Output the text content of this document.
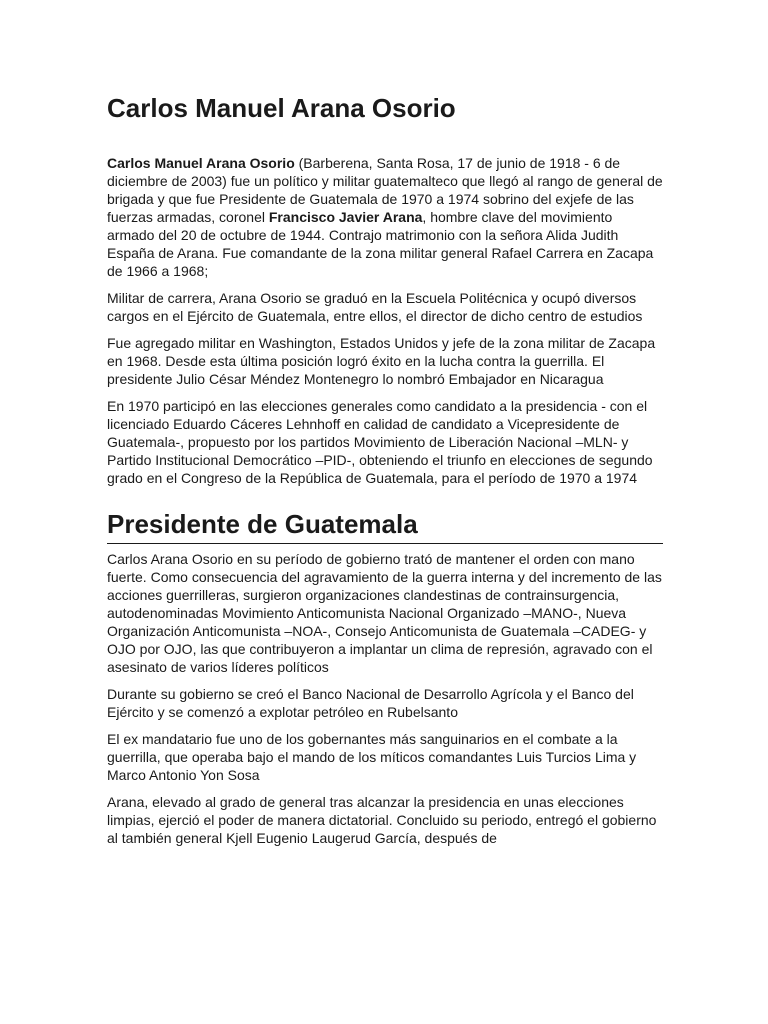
Carlos Manuel Arana Osorio

Carlos Manuel Arana Osorio (Barberena, Santa Rosa, 17 de junio de 1918 - 6 de diciembre de 2003) fue un político y militar guatemalteco que llegó al rango de general de brigada y que fue Presidente de Guatemala de 1970 a 1974 sobrino del exjefe de las fuerzas armadas, coronel Francisco Javier Arana, hombre clave del movimiento armado del 20 de octubre de 1944. Contrajo matrimonio con la señora Alida Judith España de Arana. Fue comandante de la zona militar general Rafael Carrera en Zacapa de 1966 a 1968;

Militar de carrera, Arana Osorio se graduó en la Escuela Politécnica y ocupó diversos cargos en el Ejército de Guatemala, entre ellos, el director de dicho centro de estudios

Fue agregado militar en Washington, Estados Unidos y jefe de la zona militar de Zacapa en 1968. Desde esta última posición logró éxito en la lucha contra la guerrilla. El presidente Julio César Méndez Montenegro lo nombró Embajador en Nicaragua

En 1970 participó en las elecciones generales como candidato a la presidencia - con el licenciado Eduardo Cáceres Lehnhoff en calidad de candidato a Vicepresidente de Guatemala-, propuesto por los partidos Movimiento de Liberación Nacional –MLN- y Partido Institucional Democrático –PID-, obteniendo el triunfo en elecciones de segundo grado en el Congreso de la República de Guatemala, para el período de 1970 a 1974

Presidente de Guatemala

Carlos Arana Osorio en su período de gobierno trató de mantener el orden con mano fuerte. Como consecuencia del agravamiento de la guerra interna y del incremento de las acciones guerrilleras, surgieron organizaciones clandestinas de contrainsurgencia, autodenominadas Movimiento Anticomunista Nacional Organizado –MANO-, Nueva Organización Anticomunista –NOA-, Consejo Anticomunista de Guatemala –CADEG- y OJO por OJO, las que contribuyeron a implantar un clima de represión, agravado con el asesinato de varios líderes políticos

Durante su gobierno se creó el Banco Nacional de Desarrollo Agrícola y el Banco del Ejército y se comenzó a explotar petróleo en Rubelsanto

El ex mandatario fue uno de los gobernantes más sanguinarios en el combate a la guerrilla, que operaba bajo el mando de los míticos comandantes Luis Turcios Lima y Marco Antonio Yon Sosa

Arana, elevado al grado de general tras alcanzar la presidencia en unas elecciones limpias, ejerció el poder de manera dictatorial. Concluido su periodo, entregó el gobierno al también general Kjell Eugenio Laugerud García, después de
